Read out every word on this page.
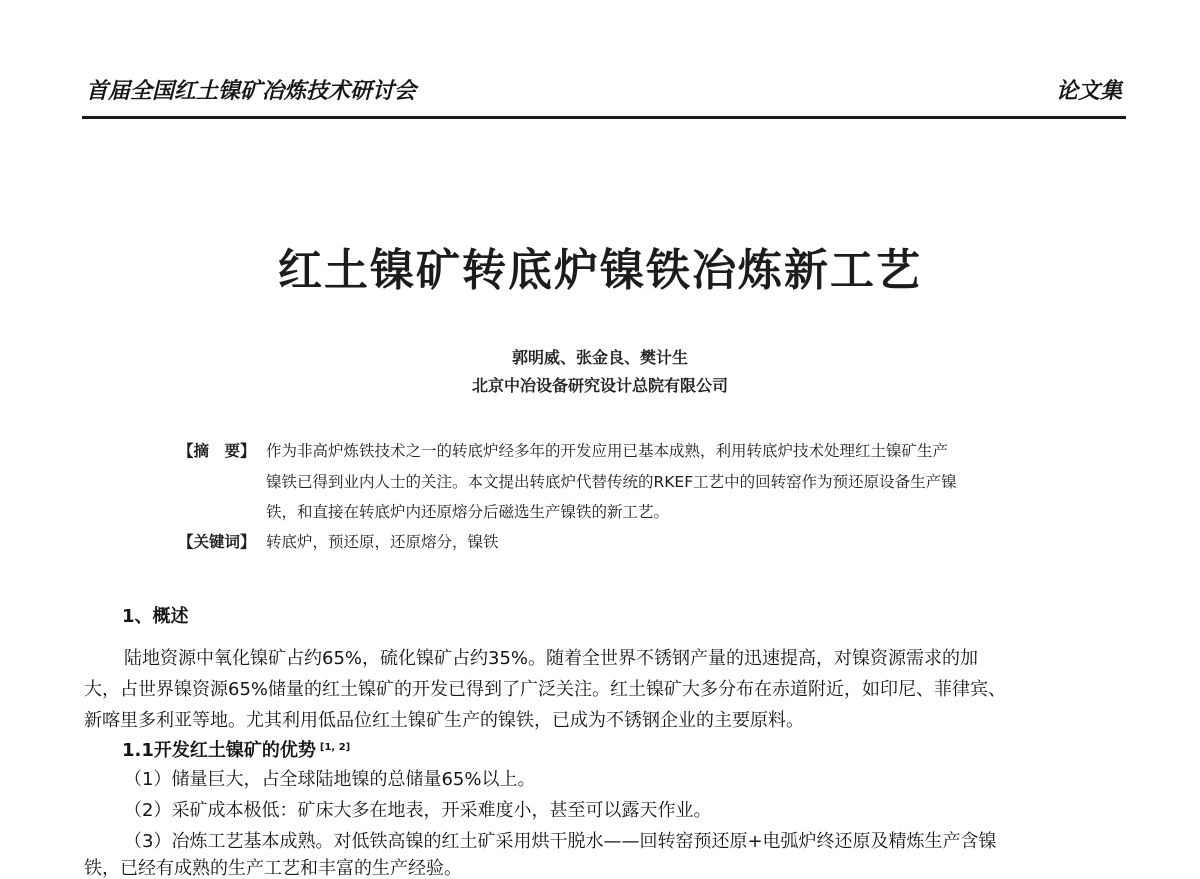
首届全国红土镍矿冶炼技术研讨会	论文集
红土镍矿转底炉镍铁冶炼新工艺
郭明威、张金良、樊计生
北京中冶设备研究设计总院有限公司
【摘　要】 作为非高炉炼铁技术之一的转底炉经多年的开发应用已基本成熟，利用转底炉技术处理红土镍矿生产
镍铁已得到业内人士的关注。本文提出转底炉代替传统的RKEF工艺中的回转窑作为预还原设备生产镍
铁，和直接在转底炉内还原熔分后磁选生产镍铁的新工艺。
【关键词】 转底炉，预还原，还原熔分，镍铁
1、概述
陆地资源中氧化镍矿占约65%，硫化镍矿占约35%。随着全世界不锈钢产量的迅速提高，对镍资源需求的加
大，占世界镍资源65%储量的红土镍矿的开发已得到了广泛关注。红土镍矿大多分布在赤道附近，如印尼、菲律宾、
新喀里多利亚等地。尤其利用低品位红土镍矿生产的镍铁，已成为不锈钢企业的主要原料。
1.1开发红土镍矿的优势 [1, 2]
（1）储量巨大，占全球陆地镍的总储量65%以上。
（2）采矿成本极低：矿床大多在地表，开采难度小，甚至可以露天作业。
（3）冶炼工艺基本成熟。对低铁高镍的红土矿采用烘干脱水——回转窑预还原+电弧炉终还原及精炼生产含镍
铁，已经有成熟的生产工艺和丰富的生产经验。
